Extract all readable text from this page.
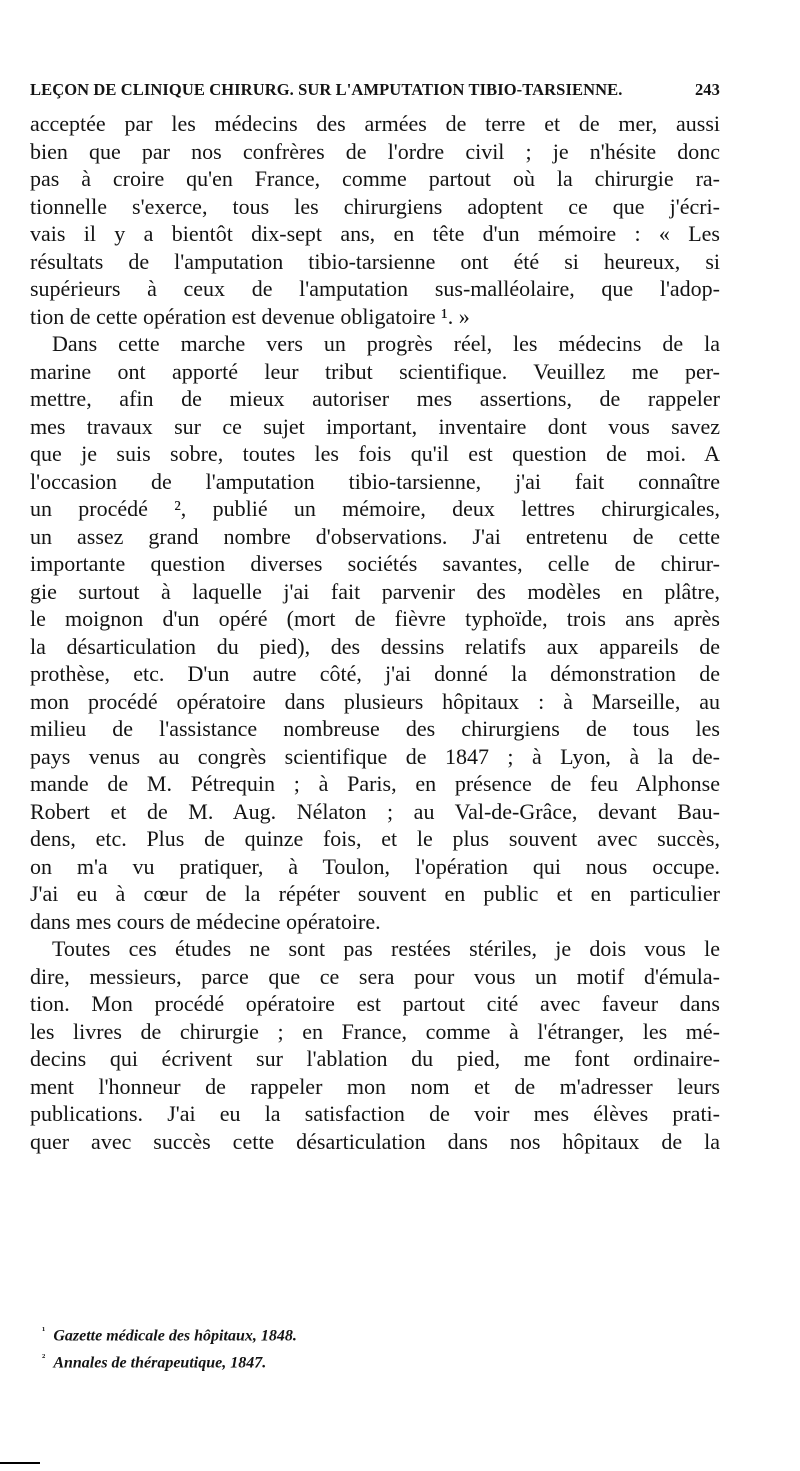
LEÇON DE CLINIQUE CHIRURG. SUR L'AMPUTATION TIBIO-TARSIENNE.	243
acceptée par les médecins des armées de terre et de mer, aussi
bien que par nos confrères de l'ordre civil ; je n'hésite donc
pas à croire qu'en France, comme partout où la chirurgie ra-
tionnelle s'exerce, tous les chirurgiens adoptent ce que j'écri-
vais il y a bientôt dix-sept ans, en tête d'un mémoire : « Les
résultats de l'amputation tibio-tarsienne ont été si heureux, si
supérieurs à ceux de l'amputation sus-malléolaire, que l'adop-
tion de cette opération est devenue obligatoire ¹. »
Dans cette marche vers un progrès réel, les médecins de la
marine ont apporté leur tribut scientifique. Veuillez me per-
mettre, afin de mieux autoriser mes assertions, de rappeler
mes travaux sur ce sujet important, inventaire dont vous savez
que je suis sobre, toutes les fois qu'il est question de moi. A
l'occasion de l'amputation tibio-tarsienne, j'ai fait connaître
un procédé ², publié un mémoire, deux lettres chirurgicales,
un assez grand nombre d'observations. J'ai entretenu de cette
importante question diverses sociétés savantes, celle de chirur-
gie surtout à laquelle j'ai fait parvenir des modèles en plâtre,
le moignon d'un opéré (mort de fièvre typhoïde, trois ans après
la désarticulation du pied), des dessins relatifs aux appareils de
prothèse, etc. D'un autre côté, j'ai donné la démonstration de
mon procédé opératoire dans plusieurs hôpitaux : à Marseille, au
milieu de l'assistance nombreuse des chirurgiens de tous les
pays venus au congrès scientifique de 1847 ; à Lyon, à la de-
mande de M. Pétrequin ; à Paris, en présence de feu Alphonse
Robert et de M. Aug. Nélaton ; au Val-de-Grâce, devant Bau-
dens, etc. Plus de quinze fois, et le plus souvent avec succès,
on m'a vu pratiquer, à Toulon, l'opération qui nous occupe.
J'ai eu à cœur de la répéter souvent en public et en particulier
dans mes cours de médecine opératoire.
Toutes ces études ne sont pas restées stériles, je dois vous le
dire, messieurs, parce que ce sera pour vous un motif d'émula-
tion. Mon procédé opératoire est partout cité avec faveur dans
les livres de chirurgie ; en France, comme à l'étranger, les mé-
decins qui écrivent sur l'ablation du pied, me font ordinaire-
ment l'honneur de rappeler mon nom et de m'adresser leurs
publications. J'ai eu la satisfaction de voir mes élèves prati-
quer avec succès cette désarticulation dans nos hôpitaux de la
$^{^1}$ Gazette médicale des hôpitaux, 1848.
$^{^2}$ Annales de thérapeutique, 1847.
